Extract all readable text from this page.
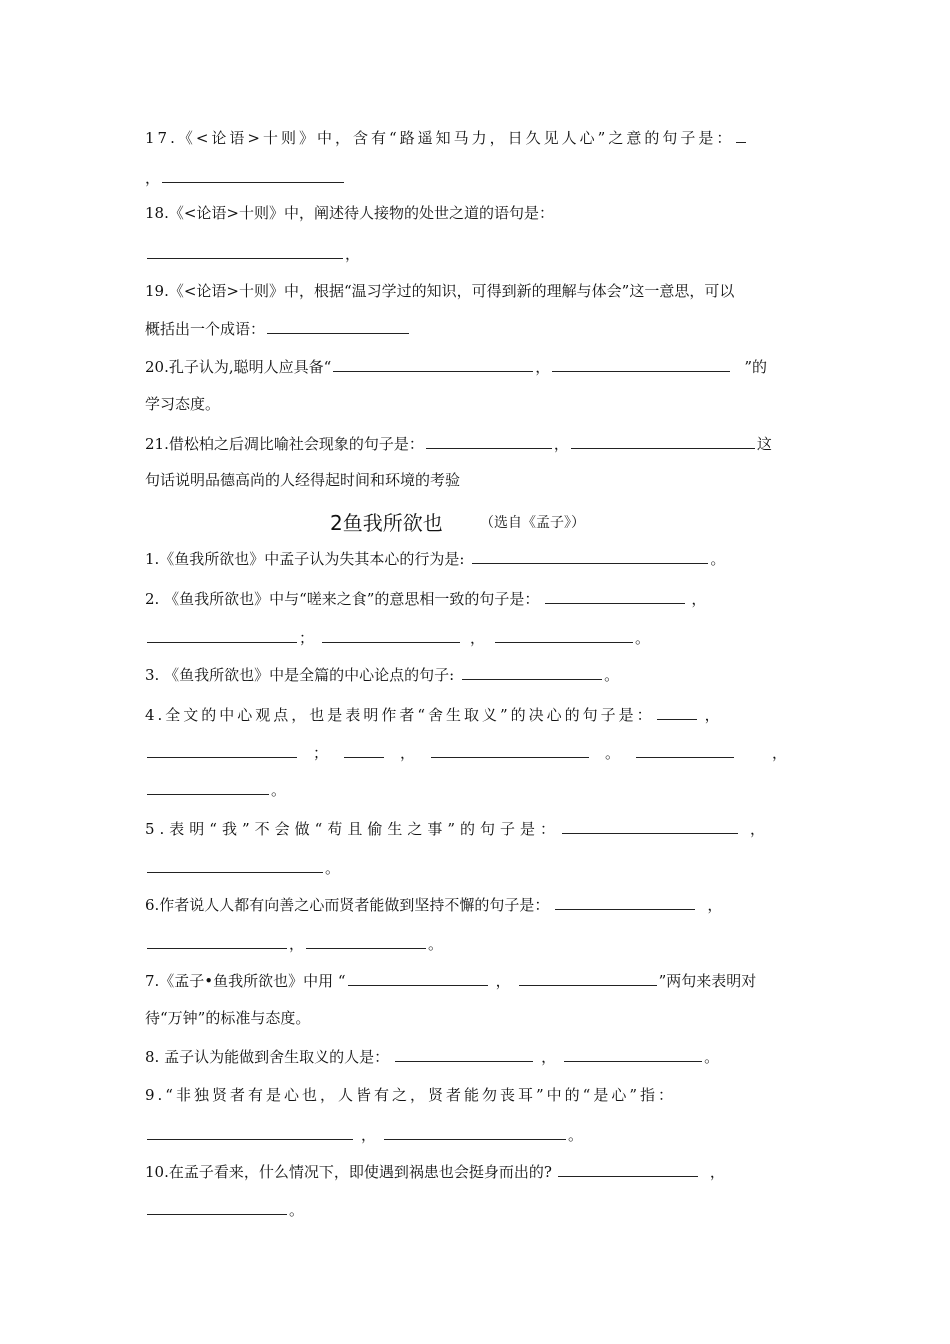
17.《<论语>十则》中，含有“路遥知马力，日久见人心”之意的句子是：
，
18.《<论语>十则》中，阐述待人接物的处世之道的语句是：
，
19.《<论语>十则》中，根据“温习学过的知识，可得到新的理解与体会”这一意思，可以
概括出一个成语：
20.孔子认为,聪明人应具备“	，	”的
学习态度。
21.借松柏之后凋比喻社会现象的句子是：	，	这
句话说明品德高尚的人经得起时间和环境的考验
2鱼我所欲也	（选自《孟子》）
1.《鱼我所欲也》中孟子认为失其本心的行为是:	。
2. 《鱼我所欲也》中与“嗟来之食”的意思相一致的句子是：	，
；	，	。
3. 《鱼我所欲也》中是全篇的中心论点的句子:	。
4.全文的中心观点，也是表明作者“舍生取义”的决心的句子是：	，
；	，	。	，
。
5.表明“我”不会做“苟且偷生之事”的句子是：	，
。
6.作者说人人都有向善之心而贤者能做到坚持不懈的句子是：	，
，	。
7.《孟子•鱼我所欲也》中用 “	，	”两句来表明对
待“万钟”的标准与态度。
8. 孟子认为能做到舍生取义的人是：	，	。
9.“非独贤者有是心也，人皆有之，贤者能勿丧耳”中的“是心”指：
，	。
10.在孟子看来，什么情况下，即使遇到祸患也会挺身而出的?	，
。
